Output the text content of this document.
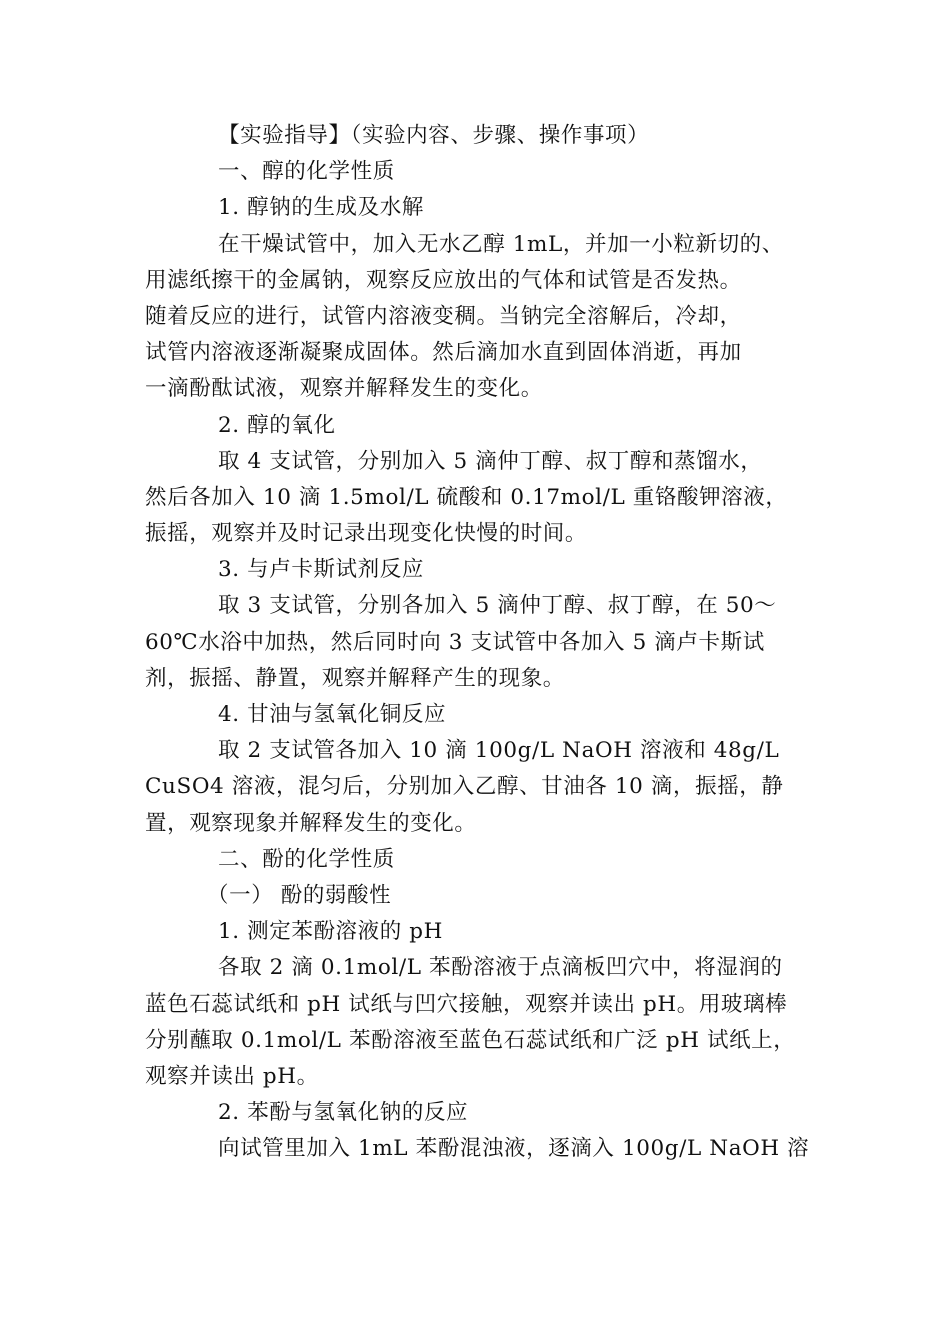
【实验指导】（实验内容、步骤、操作事项）
一、醇的化学性质
1. 醇钠的生成及水解
在干燥试管中，加入无水乙醇 1mL，并加一小粒新切的、
用滤纸擦干的金属钠，观察反应放出的气体和试管是否发热。
随着反应的进行，试管内溶液变稠。当钠完全溶解后，冷却，
试管内溶液逐渐凝聚成固体。然后滴加水直到固体消逝，再加
一滴酚酞试液，观察并解释发生的变化。
2. 醇的氧化
取 4 支试管，分别加入 5 滴仲丁醇、叔丁醇和蒸馏水，
然后各加入 10 滴 1.5mol/L 硫酸和 0.17mol/L 重铬酸钾溶液，
振摇，观察并及时记录出现变化快慢的时间。
3. 与卢卡斯试剂反应
取 3 支试管，分别各加入 5 滴仲丁醇、叔丁醇，在 50～
60℃水浴中加热，然后同时向 3 支试管中各加入 5 滴卢卡斯试
剂，振摇、静置，观察并解释产生的现象。
4. 甘油与氢氧化铜反应
取 2 支试管各加入 10 滴 100g/L NaOH 溶液和 48g/L
CuSO4 溶液，混匀后，分别加入乙醇、甘油各 10 滴，振摇，静
置，观察现象并解释发生的变化。
二、酚的化学性质
（一） 酚的弱酸性
1. 测定苯酚溶液的 pH
各取 2 滴 0.1mol/L 苯酚溶液于点滴板凹穴中，将湿润的
蓝色石蕊试纸和 pH 试纸与凹穴接触，观察并读出 pH。用玻璃棒
分别蘸取 0.1mol/L 苯酚溶液至蓝色石蕊试纸和广泛 pH 试纸上，
观察并读出 pH。
2. 苯酚与氢氧化钠的反应
向试管里加入 1mL 苯酚混浊液，逐滴入 100g/L NaOH 溶
